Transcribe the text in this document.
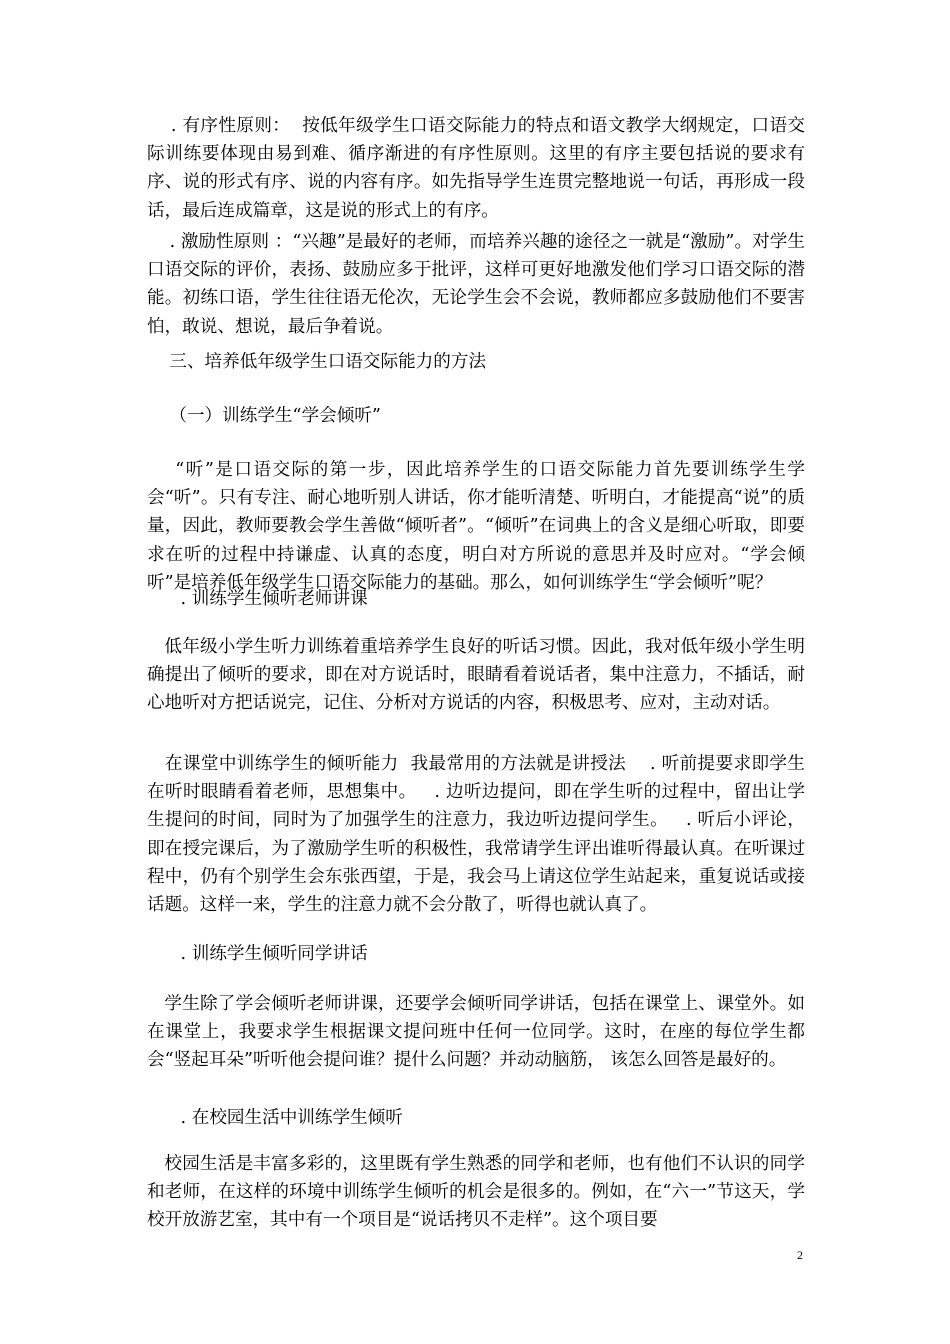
. 有序性原则：  按低年级学生口语交际能力的特点和语文教学大纲规定，口语交际训练要体现由易到难、循序渐进的有序性原则。这里的有序主要包括说的要求有序、说的形式有序、说的内容有序。如先指导学生连贯完整地说一句话，再形成一段话，最后连成篇章，这是说的形式上的有序。

. 激励性原则 ：“兴趣”是最好的老师，而培养兴趣的途径之一就是“激励”。对学生口语交际的评价，表扬、鼓励应多于批评，这样可更好地激发他们学习口语交际的潜能。初练口语，学生往往语无伦次，无论学生会不会说，教师都应多鼓励他们不要害怕，敢说、想说，最后争着说。

三、培养低年级学生口语交际能力的方法

（一）训练学生“学会倾听”

“听”是口语交际的第一步，因此培养学生的口语交际能力首先要训练学生学会“听”。只有专注、耐心地听别人讲话，你才能听清楚、听明白，才能提高“说”的质量，因此，教师要教会学生善做“倾听者”。“倾听”在词典上的含义是细心听取，即要求在听的过程中持谦虚、认真的态度，明白对方所说的意思并及时应对。“学会倾听”是培养低年级学生口语交际能力的基础。那么，如何训练学生“学会倾听”呢？

. 训练学生倾听老师讲课

低年级小学生听力训练着重培养学生良好的听话习惯。因此，我对低年级小学生明确提出了倾听的要求，即在对方说话时，眼睛看着说话者，集中注意力，不插话，耐心地听对方把话说完，记住、分析对方说话的内容，积极思考、应对，主动对话。

在课堂中训练学生的倾听能力  我最常用的方法就是讲授法    . 听前提要求即学生在听时眼睛看着老师，思想集中。   . 边听边提问，即在学生听的过程中，留出让学生提问的时间，同时为了加强学生的注意力，我边听边提问学生。   . 听后小评论，即在授完课后，为了激励学生听的积极性，我常请学生评出谁听得最认真。在听课过程中，仍有个别学生会东张西望，于是，我会马上请这位学生站起来，重复说话或接话题。这样一来，学生的注意力就不会分散了，听得也就认真了。

. 训练学生倾听同学讲话

学生除了学会倾听老师讲课，还要学会倾听同学讲话，包括在课堂上、课堂外。如在课堂上，我要求学生根据课文提问班中任何一位同学。这时，在座的每位学生都会“竖起耳朵”听听他会提问谁？提什么问题？并动动脑筋， 该怎么回答是最好的。

. 在校园生活中训练学生倾听

校园生活是丰富多彩的，这里既有学生熟悉的同学和老师，也有他们不认识的同学和老师，在这样的环境中训练学生倾听的机会是很多的。例如，在“六一”节这天，学校开放游艺室，其中有一个项目是“说话拷贝不走样”。这个项目要

2
